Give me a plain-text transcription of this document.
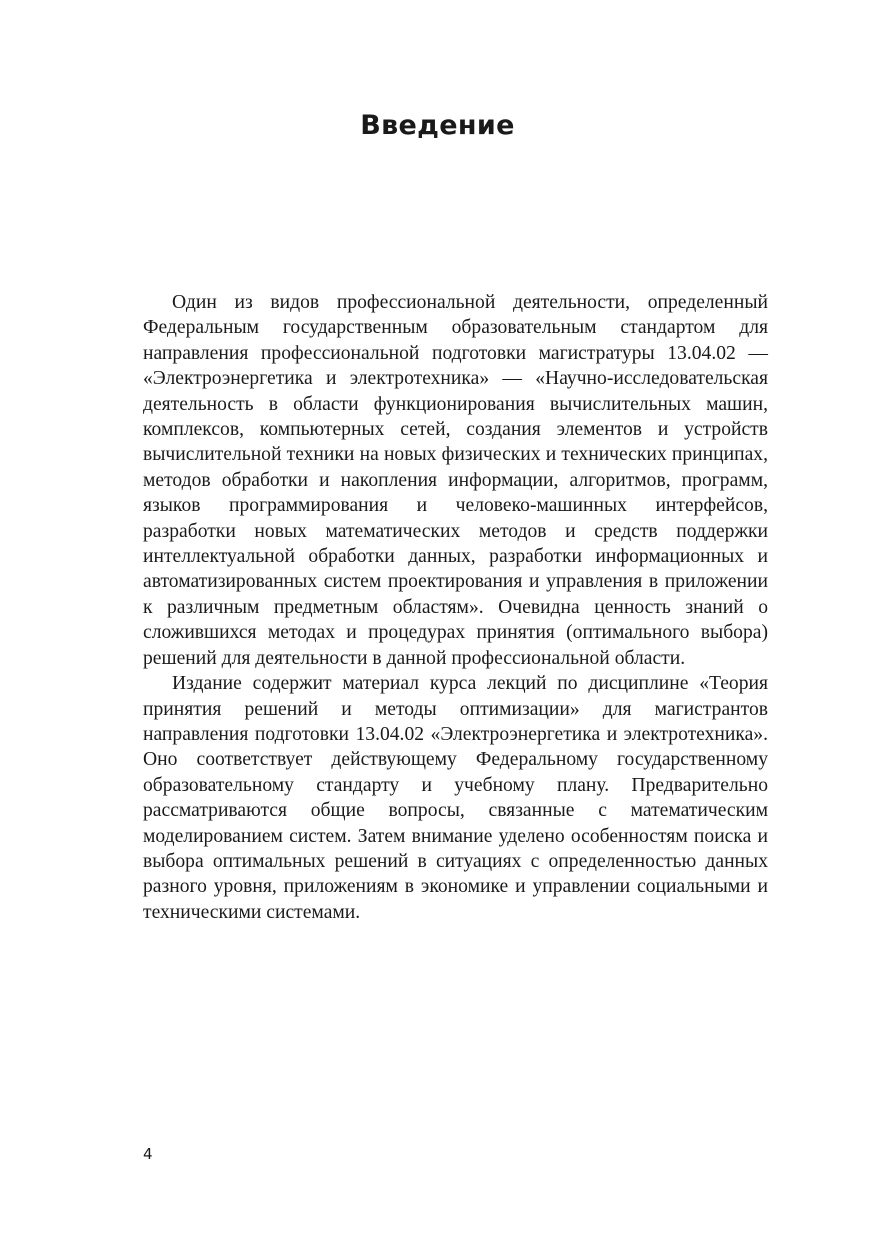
Введение

Один из видов профессиональной деятельности, определенный Федеральным государственным образовательным стандартом для направления профессиональной подготовки магистратуры 13.04.02 — «Электроэнергетика и электротехника» — «Научно-исследовательская деятельность в области функционирования вычислительных машин, комплексов, компьютерных сетей, создания элементов и устройств вычислительной техники на новых физических и технических принципах, методов обработки и накопления информации, алгоритмов, программ, языков программирования и человеко-машинных интерфейсов, разработки новых математических методов и средств поддержки интеллектуальной обработки данных, разработки информационных и автоматизированных систем проектирования и управления в приложении к различным предметным областям». Очевидна ценность знаний о сложившихся методах и процедурах принятия (оптимального выбора) решений для деятельности в данной профессиональной области.

Издание содержит материал курса лекций по дисциплине «Теория принятия решений и методы оптимизации» для магистрантов направления подготовки 13.04.02 «Электроэнергетика и электротехника». Оно соответствует действующему Федеральному государственному образовательному стандарту и учебному плану. Предварительно рассматриваются общие вопросы, связанные с математическим моделированием систем. Затем внимание уделено особенностям поиска и выбора оптимальных решений в ситуациях с определенностью данных разного уровня, приложениям в экономике и управлении социальными и техническими системами.

4
